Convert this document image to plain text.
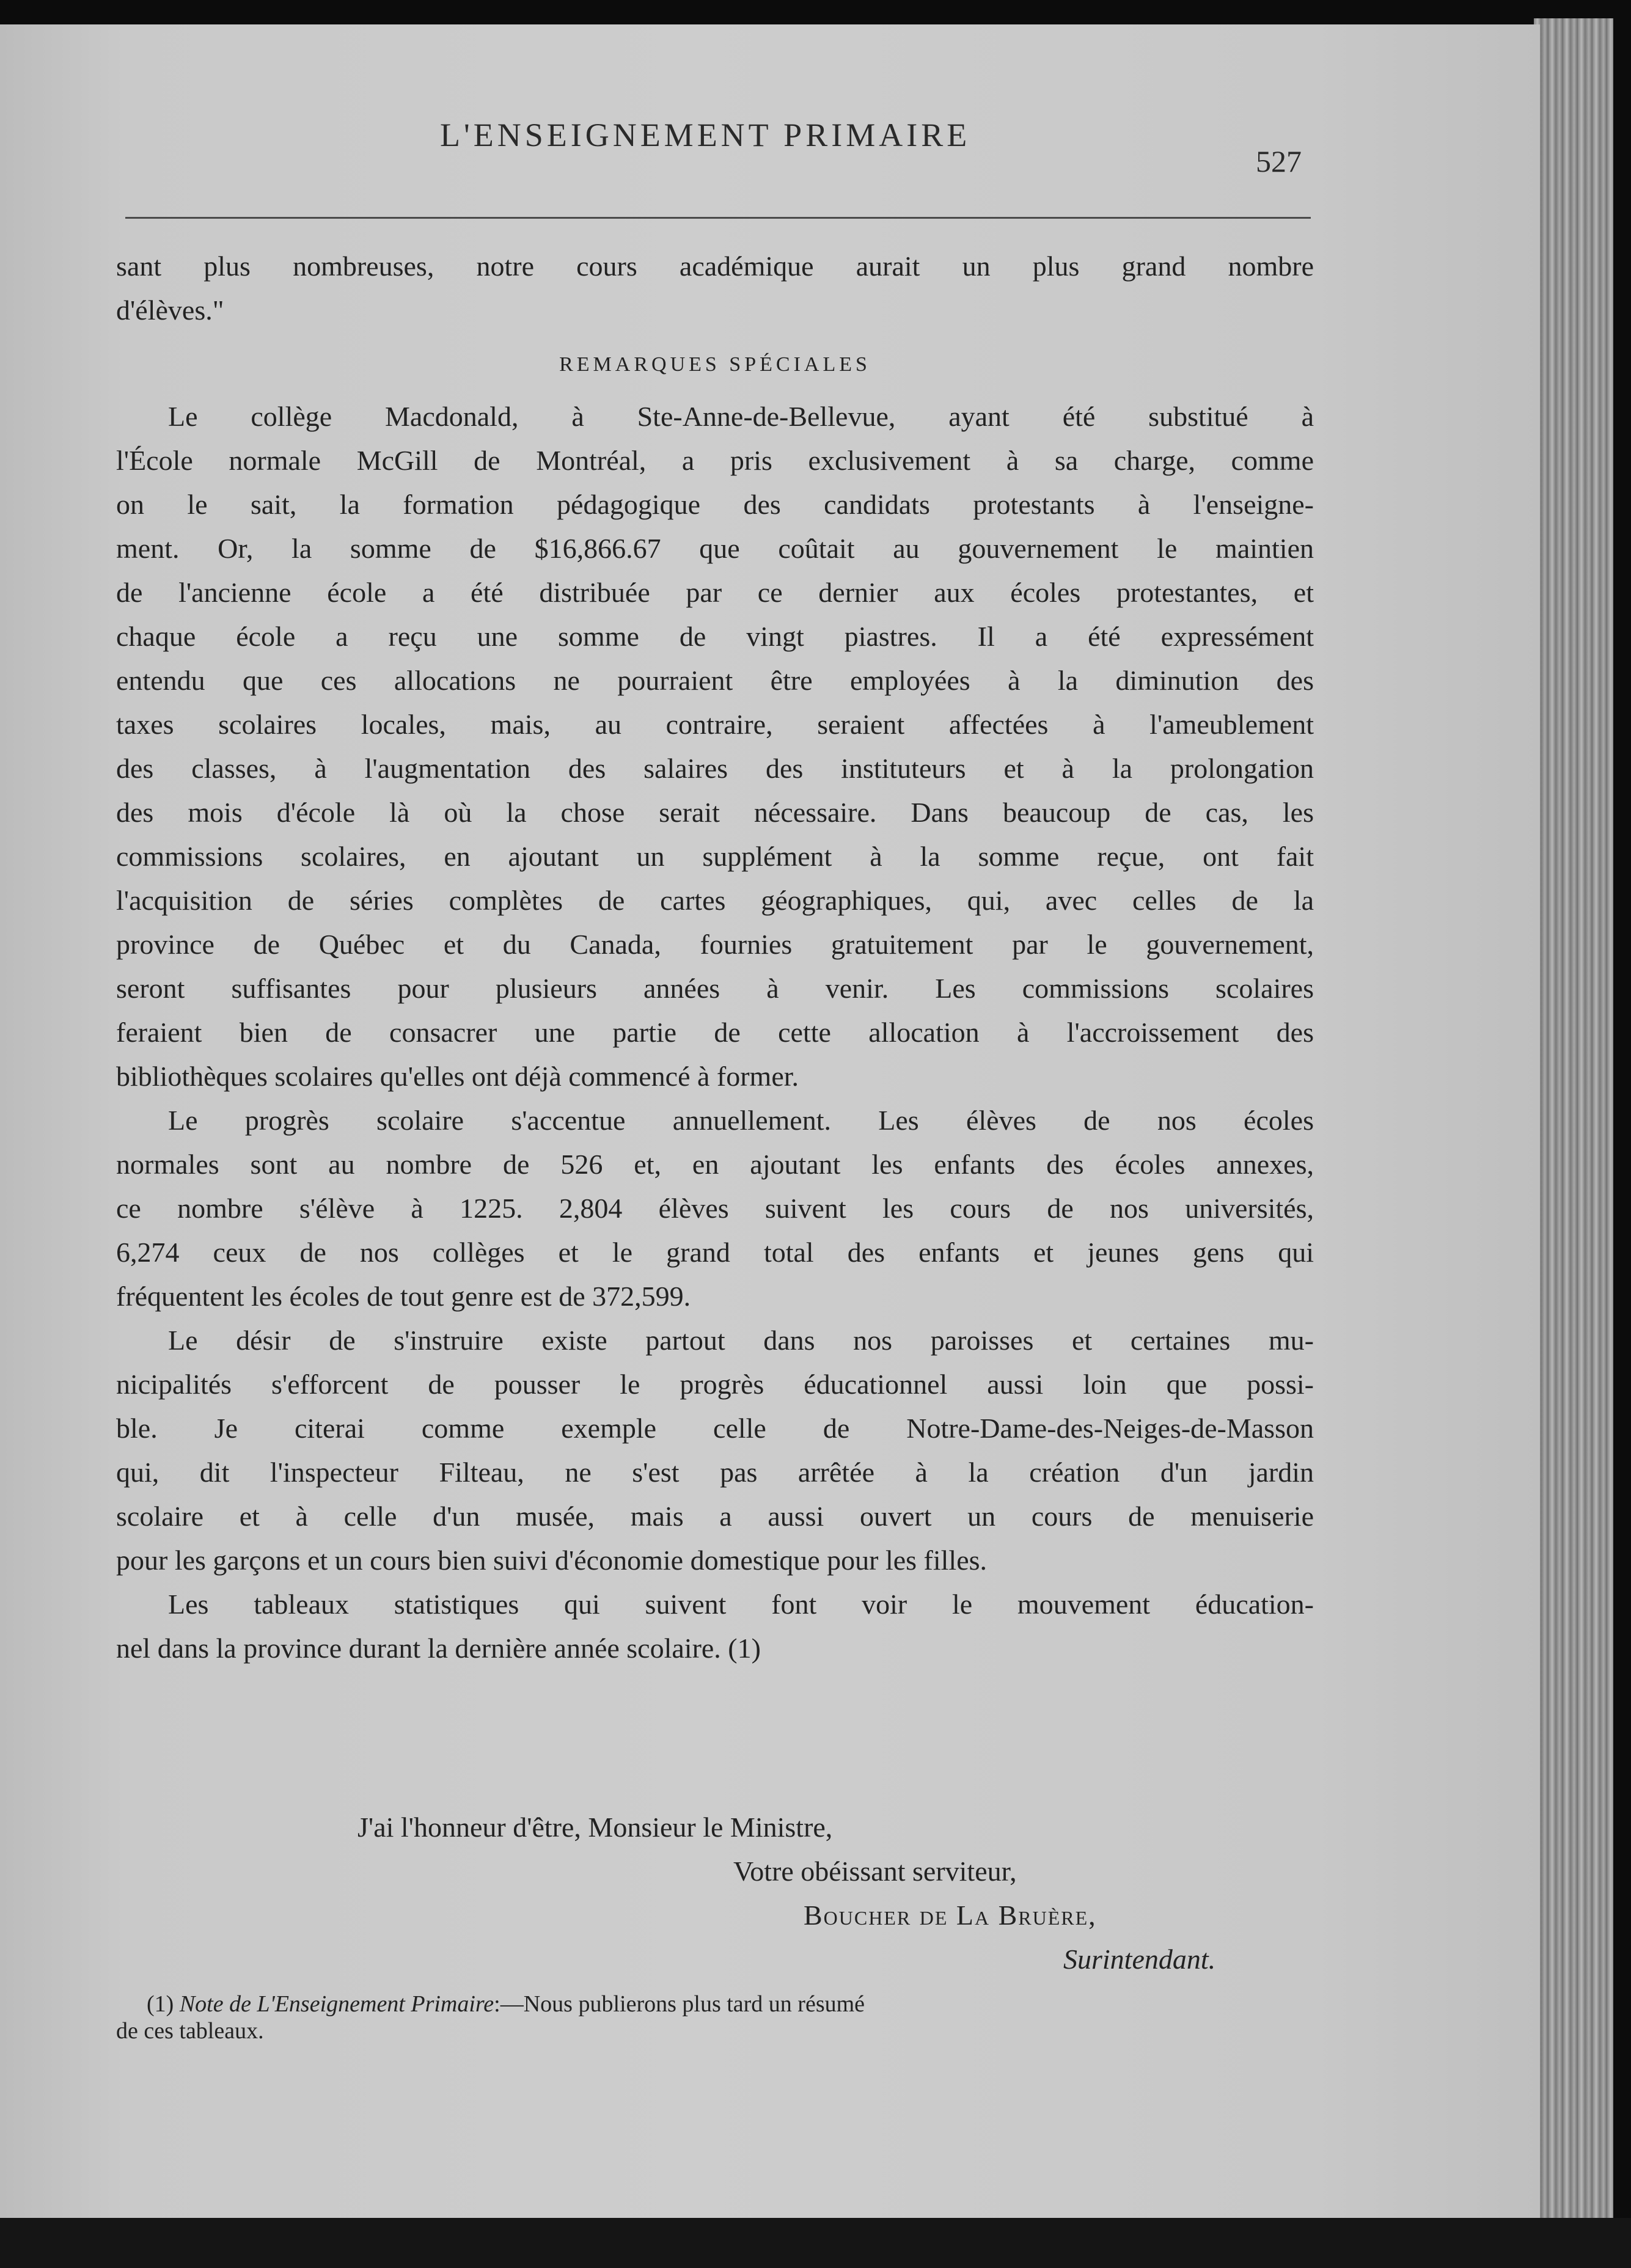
L'ENSEIGNEMENT PRIMAIRE
527
sant plus nombreuses, notre cours académique aurait un plus grand nombre
d'élèves."
REMARQUES SPÉCIALES
Le collège Macdonald, à Ste-Anne-de-Bellevue, ayant été substitué à
l'École normale McGill de Montréal, a pris exclusivement à sa charge, comme
on le sait, la formation pédagogique des candidats protestants à l'enseigne-
ment. Or, la somme de $16,866.67 que coûtait au gouvernement le maintien
de l'ancienne école a été distribuée par ce dernier aux écoles protestantes, et
chaque école a reçu une somme de vingt piastres. Il a été expressément
entendu que ces allocations ne pourraient être employées à la diminution des
taxes scolaires locales, mais, au contraire, seraient affectées à l'ameublement
des classes, à l'augmentation des salaires des instituteurs et à la prolongation
des mois d'école là où la chose serait nécessaire. Dans beaucoup de cas, les
commissions scolaires, en ajoutant un supplément à la somme reçue, ont fait
l'acquisition de séries complètes de cartes géographiques, qui, avec celles de la
province de Québec et du Canada, fournies gratuitement par le gouvernement,
seront suffisantes pour plusieurs années à venir. Les commissions scolaires
feraient bien de consacrer une partie de cette allocation à l'accroissement des
bibliothèques scolaires qu'elles ont déjà commencé à former.
Le progrès scolaire s'accentue annuellement. Les élèves de nos écoles
normales sont au nombre de 526 et, en ajoutant les enfants des écoles annexes,
ce nombre s'élève à 1225. 2,804 élèves suivent les cours de nos universités,
6,274 ceux de nos collèges et le grand total des enfants et jeunes gens qui
fréquentent les écoles de tout genre est de 372,599.
Le désir de s'instruire existe partout dans nos paroisses et certaines mu-
nicipalités s'efforcent de pousser le progrès éducationnel aussi loin que possi-
ble. Je citerai comme exemple celle de Notre-Dame-des-Neiges-de-Masson
qui, dit l'inspecteur Filteau, ne s'est pas arrêtée à la création d'un jardin
scolaire et à celle d'un musée, mais a aussi ouvert un cours de menuiserie
pour les garçons et un cours bien suivi d'économie domestique pour les filles.
Les tableaux statistiques qui suivent font voir le mouvement éducation-
nel dans la province durant la dernière année scolaire. (1)
J'ai l'honneur d'être, Monsieur le Ministre,
Votre obéissant serviteur,
Boucher de La Bruère,
Surintendant.
(1) Note de L'Enseignement Primaire:—Nous publierons plus tard un résumé
de ces tableaux.
